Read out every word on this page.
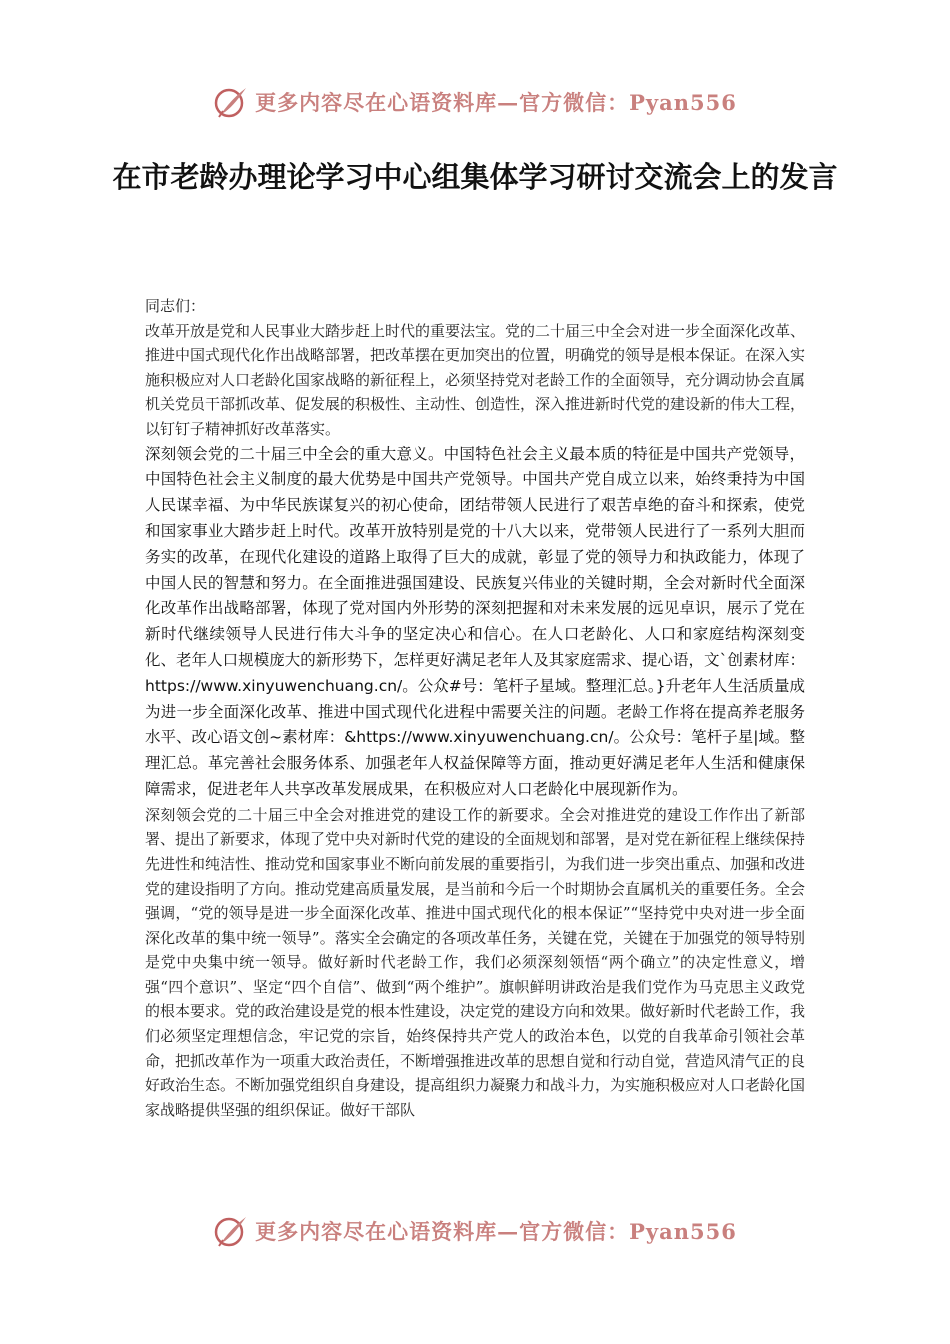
更多内容尽在心语资料库—官方微信：Pyan556
在市老龄办理论学习中心组集体学习研讨交流会上的发言

同志们：

改革开放是党和人民事业大踏步赶上时代的重要法宝。党的二十届三中全会对进一步全面深化改革、推进中国式现代化作出战略部署，把改革摆在更加突出的位置，明确党的领导是根本保证。在深入实施积极应对人口老龄化国家战略的新征程上，必须坚持党对老龄工作的全面领导，充分调动协会直属机关党员干部抓改革、促发展的积极性、主动性、创造性，深入推进新时代党的建设新的伟大工程，以钉钉子精神抓好改革落实。

深刻领会党的二十届三中全会的重大意义。中国特色社会主义最本质的特征是中国共产党领导，中国特色社会主义制度的最大优势是中国共产党领导。中国共产党自成立以来，始终秉持为中国人民谋幸福、为中华民族谋复兴的初心使命，团结带领人民进行了艰苦卓绝的奋斗和探索，使党和国家事业大踏步赶上时代。改革开放特别是党的十八大以来，党带领人民进行了一系列大胆而务实的改革，在现代化建设的道路上取得了巨大的成就，彰显了党的领导力和执政能力，体现了中国人民的智慧和努力。在全面推进强国建设、民族复兴伟业的关键时期，全会对新时代全面深化改革作出战略部署，体现了党对国内外形势的深刻把握和对未来发展的远见卓识，展示了党在新时代继续领导人民进行伟大斗争的坚定决心和信心。在人口老龄化、人口和家庭结构深刻变化、老年人口规模庞大的新形势下，怎样更好满足老年人及其家庭需求、提心语，文`创素材库：https://www.xinyuwenchuang.cn/。公众#号：笔杆子星域。整理汇总。}升老年人生活质量成为进一步全面深化改革、推进中国式现代化进程中需要关注的问题。老龄工作将在提高养老服务水平、改心语文创~素材库：&https://www.xinyuwenchuang.cn/。公众号：笔杆子星|域。整理汇总。革完善社会服务体系、加强老年人权益保障等方面，推动更好满足老年人生活和健康保障需求，促进老年人共享改革发展成果，在积极应对人口老龄化中展现新作为。

深刻领会党的二十届三中全会对推进党的建设工作的新要求。全会对推进党的建设工作作出了新部署、提出了新要求，体现了党中央对新时代党的建设的全面规划和部署，是对党在新征程上继续保持先进性和纯洁性、推动党和国家事业不断向前发展的重要指引，为我们进一步突出重点、加强和改进党的建设指明了方向。推动党建高质量发展，是当前和今后一个时期协会直属机关的重要任务。全会强调，“党的领导是进一步全面深化改革、推进中国式现代化的根本保证”“坚持党中央对进一步全面深化改革的集中统一领导”。落实全会确定的各项改革任务，关键在党，关键在于加强党的领导特别是党中央集中统一领导。做好新时代老龄工作，我们必须深刻领悟“两个确立”的决定性意义，增强“四个意识”、坚定“四个自信”、做到“两个维护”。旗帜鲜明讲政治是我们党作为马克思主义政党的根本要求。党的政治建设是党的根本性建设，决定党的建设方向和效果。做好新时代老龄工作，我们必须坚定理想信念，牢记党的宗旨，始终保持共产党人的政治本色，以党的自我革命引领社会革命，把抓改革作为一项重大政治责任，不断增强推进改革的思想自觉和行动自觉，营造风清气正的良好政治生态。不断加强党组织自身建设，提高组织力凝聚力和战斗力，为实施积极应对人口老龄化国家战略提供坚强的组织保证。做好干部队

更多内容尽在心语资料库—官方微信：Pyan556
